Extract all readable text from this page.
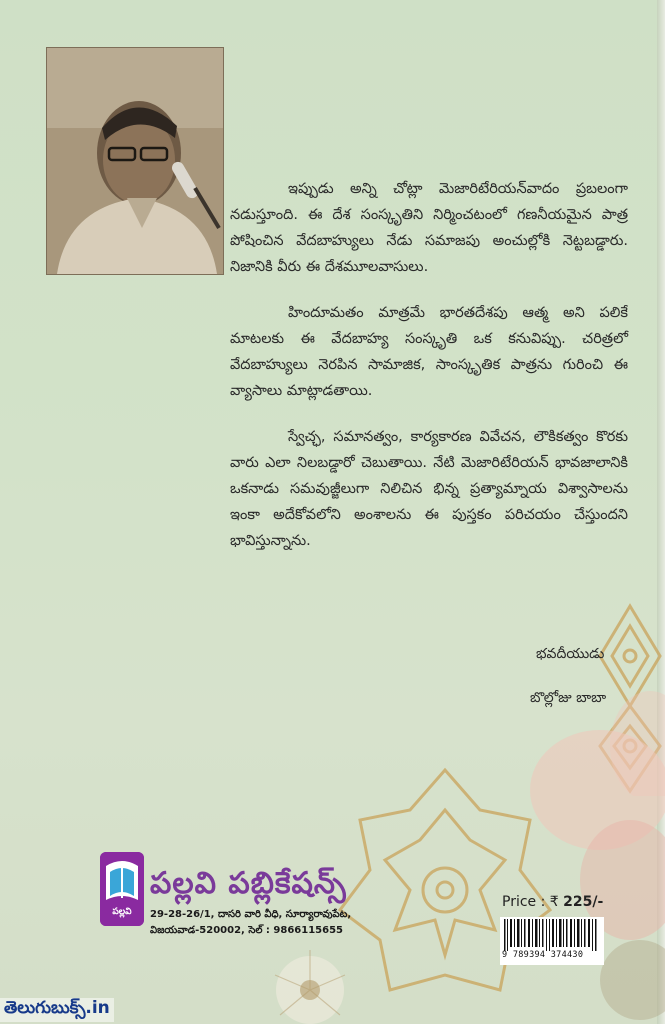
ఇప్పుడు అన్ని చోట్లా మెజారిటేరియన్‌వాదం ప్రబలంగా నడుస్తూంది. ఈ దేశ సంస్కృతిని నిర్మించటంలో గణనీయమైన పాత్ర పోషించిన వేదబాహ్యులు నేడు సమాజపు అంచుల్లోకి నెట్టబడ్డారు. నిజానికి వీరు ఈ దేశమూలవాసులు.

హిందూమతం మాత్రమే భారతదేశపు ఆత్మ అని పలికే మాటలకు ఈ వేదబాహ్య సంస్కృతి ఒక కనువిప్పు. చరిత్రలో వేదబాహ్యులు నెరపిన సామాజిక, సాంస్కృతిక పాత్రను గురించి ఈ వ్యాసాలు మాట్లాడతాయి.

స్వేచ్ఛ, సమానత్వం, కార్యకారణ వివేచన, లౌకికత్వం కొరకు వారు ఎలా నిలబడ్డారో చెబుతాయి. నేటి మెజారిటేరియన్ భావజాలానికి ఒకనాడు సమవుజ్జీలుగా నిలిచిన భిన్న ప్రత్యామ్నాయ విశ్వాసాలను ఇంకా అదేకోవలోని అంశాలను ఈ పుస్తకం పరిచయం చేస్తుందని భావిస్తున్నాను.

భవదీయుడు
బొల్లోజు బాబా
పల్లవి
పల్లవి పబ్లికేషన్స్
29-28-26/1, దాసరి వారి వీధి, సూర్యారావుపేట,
విజయవాడ-520002, సెల్ : 9866115655
Price : ₹ 225/-
9 789394 374430
తెలుగుబుక్స్.in
